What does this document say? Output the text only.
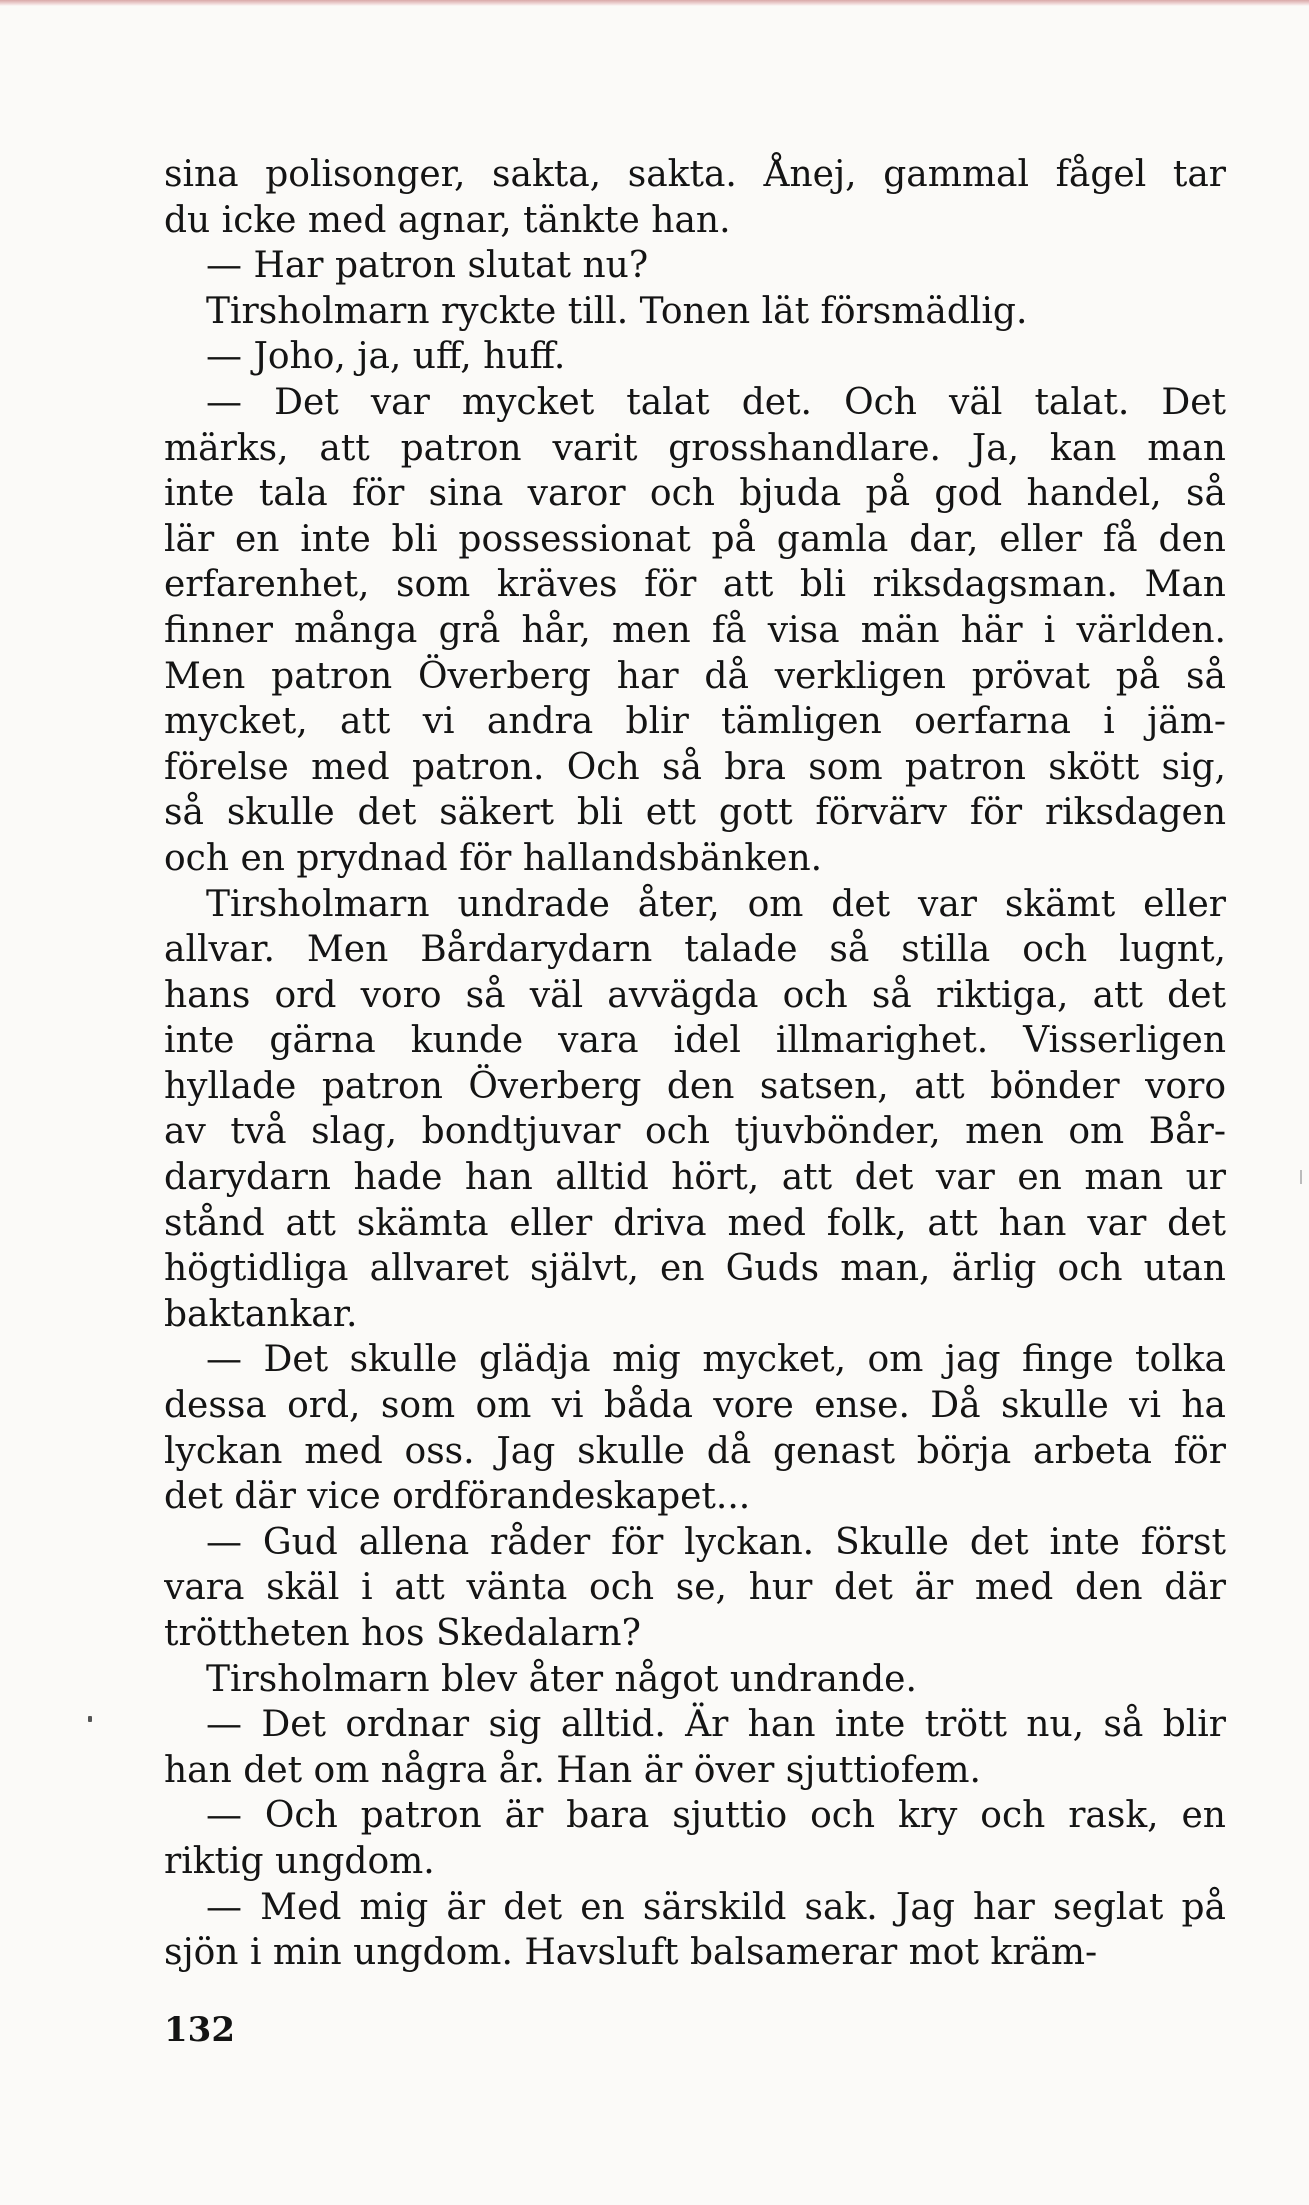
sina polisonger, sakta, sakta. Ånej, gammal fågel tar
du icke med agnar, tänkte han.
— Har patron slutat nu?
Tirsholmarn ryckte till. Tonen lät försmädlig.
— Joho, ja, uff, huff.
— Det var mycket talat det. Och väl talat. Det
märks, att patron varit grosshandlare. Ja, kan man
inte tala för sina varor och bjuda på god handel, så
lär en inte bli possessionat på gamla dar, eller få den
erfarenhet, som kräves för att bli riksdagsman. Man
finner många grå hår, men få visa män här i världen.
Men patron Överberg har då verkligen prövat på så
mycket, att vi andra blir tämligen oerfarna i jäm-
förelse med patron. Och så bra som patron skött sig,
så skulle det säkert bli ett gott förvärv för riksdagen
och en prydnad för hallandsbänken.
Tirsholmarn undrade åter, om det var skämt eller
allvar. Men Bårdarydarn talade så stilla och lugnt,
hans ord voro så väl avvägda och så riktiga, att det
inte gärna kunde vara idel illmarighet. Visserligen
hyllade patron Överberg den satsen, att bönder voro
av två slag, bondtjuvar och tjuvbönder, men om Bår-
darydarn hade han alltid hört, att det var en man ur
stånd att skämta eller driva med folk, att han var det
högtidliga allvaret självt, en Guds man, ärlig och utan
baktankar.
— Det skulle glädja mig mycket, om jag finge tolka
dessa ord, som om vi båda vore ense. Då skulle vi ha
lyckan med oss. Jag skulle då genast börja arbeta för
det där vice ordförandeskapet...
— Gud allena råder för lyckan. Skulle det inte först
vara skäl i att vänta och se, hur det är med den där
tröttheten hos Skedalarn?
Tirsholmarn blev åter något undrande.
— Det ordnar sig alltid. Är han inte trött nu, så blir
han det om några år. Han är över sjuttiofem.
— Och patron är bara sjuttio och kry och rask, en
riktig ungdom.
— Med mig är det en särskild sak. Jag har seglat på
sjön i min ungdom. Havsluft balsamerar mot kräm-
132
